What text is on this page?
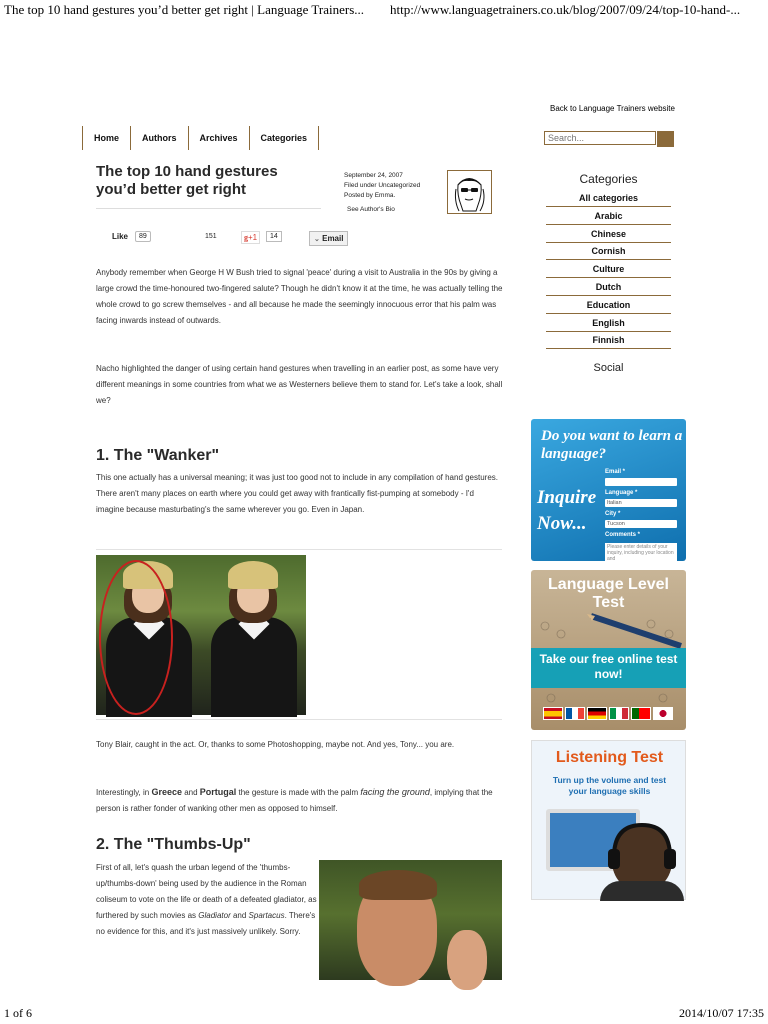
The top 10 hand gestures you’d better get right | Language Trainers... http://www.languagetrainers.co.uk/blog/2007/09/24/top-10-hand-...
Back to Language Trainers website
Home	Authors	Archives	Categories
Search...
The top 10 hand gestures you’d better get right
September 24, 2007
Filed under Uncategorized
Posted by Emma.
See Author's Bio
Like	89	151	g+1	14	⌄ Email
Anybody remember when George H W Bush tried to signal 'peace' during a visit to Australia in the 90s by giving a large crowd the time-honoured two-fingered salute? Though he didn't know it at the time, he was actually telling the whole crowd to go screw themselves - and all because he made the seemingly innocuous error that his palm was facing inwards instead of outwards.
Nacho highlighted the danger of using certain hand gestures when travelling in an earlier post, as some have very different meanings in some countries from what we as Westerners believe them to stand for. Let's take a look, shall we?
1. The "Wanker"
This one actually has a universal meaning; it was just too good not to include in any compilation of hand gestures. There aren't many places on earth where you could get away with frantically fist-pumping at somebody - I'd imagine because masturbating's the same wherever you go. Even in Japan.
Tony Blair, caught in the act. Or, thanks to some Photoshopping, maybe not. And yes, Tony... you are.
Interestingly, in Greece and Portugal the gesture is made with the palm facing the ground, implying that the person is rather fonder of wanking other men as opposed to himself.
2. The "Thumbs-Up"
First of all, let's quash the urban legend of the 'thumbs-up/thumbs-down' being used by the audience in the Roman coliseum to vote on the life or death of a defeated gladiator, as furthered by such movies as Gladiator and Spartacus. There's no evidence for this, and it's just massively unlikely. Sorry.
Categories
All categories
Arabic
Chinese
Cornish
Culture
Dutch
Education
English
Finnish
Social
Do you want to learn a language?
Inquire Now...
Email *
Language *
Italian
City *
Tucson
Comments *
Please enter details of your inquiry, including your location and
Language Level Test
Take our free online test now!
Listening Test
Turn up the volume and test your language skills
1 of 6	2014/10/07 17:35
